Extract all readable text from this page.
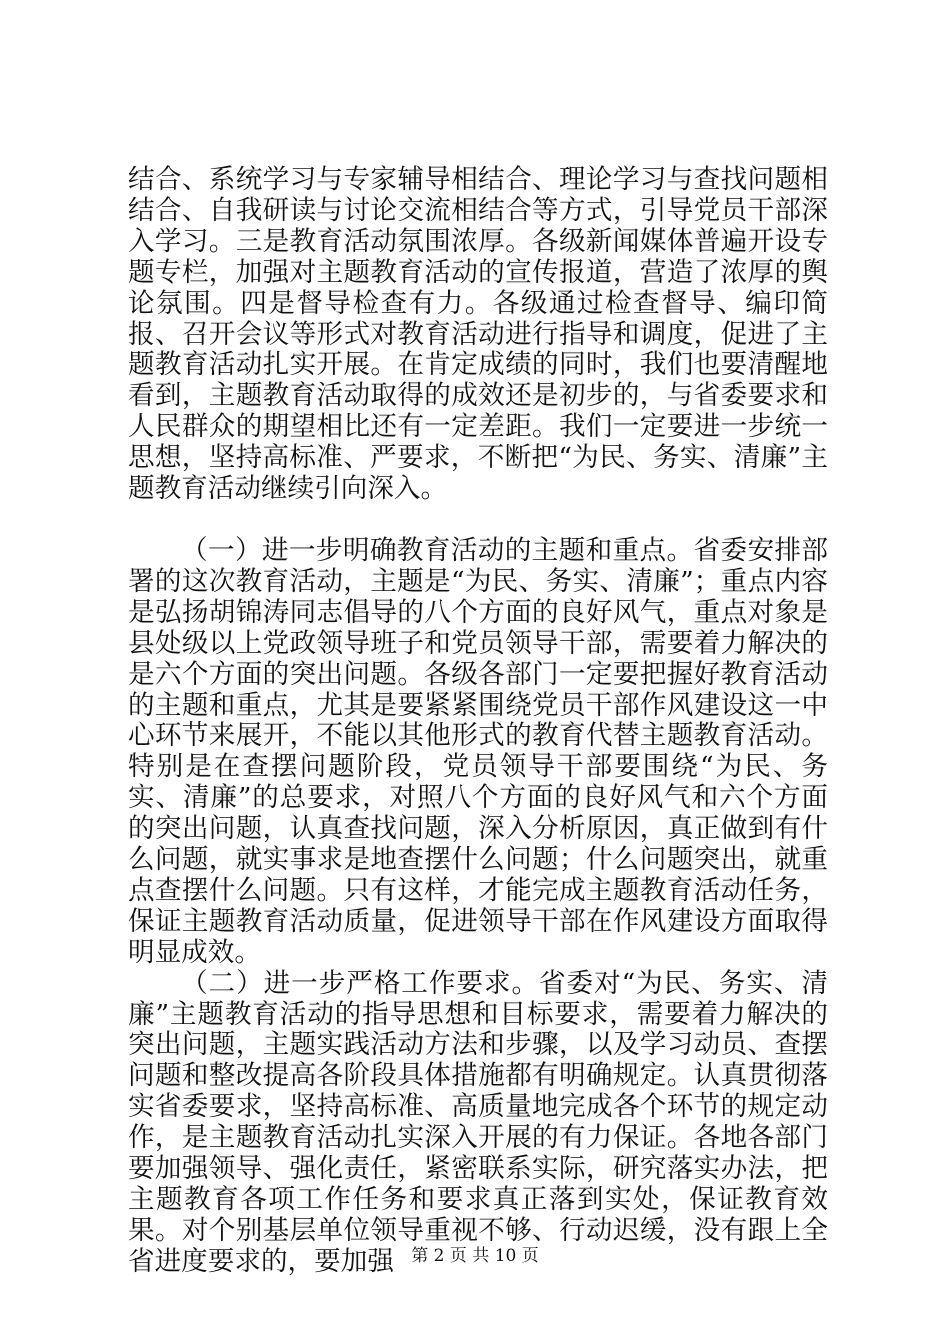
结合、系统学习与专家辅导相结合、理论学习与查找问题相结合、自我研读与讨论交流相结合等方式，引导党员干部深入学习。三是教育活动氛围浓厚。各级新闻媒体普遍开设专题专栏，加强对主题教育活动的宣传报道，营造了浓厚的舆论氛围。四是督导检查有力。各级通过检查督导、编印简报、召开会议等形式对教育活动进行指导和调度，促进了主题教育活动扎实开展。在肯定成绩的同时，我们也要清醒地看到，主题教育活动取得的成效还是初步的，与省委要求和人民群众的期望相比还有一定差距。我们一定要进一步统一思想，坚持高标准、严要求，不断把“为民、务实、清廉”主题教育活动继续引向深入。

（一）进一步明确教育活动的主题和重点。省委安排部署的这次教育活动，主题是“为民、务实、清廉”；重点内容是弘扬胡锦涛同志倡导的八个方面的良好风气，重点对象是县处级以上党政领导班子和党员领导干部，需要着力解决的是六个方面的突出问题。各级各部门一定要把握好教育活动的主题和重点，尤其是要紧紧围绕党员干部作风建设这一中心环节来展开，不能以其他形式的教育代替主题教育活动。特别是在查摆问题阶段，党员领导干部要围绕“为民、务实、清廉”的总要求，对照八个方面的良好风气和六个方面的突出问题，认真查找问题，深入分析原因，真正做到有什么问题，就实事求是地查摆什么问题；什么问题突出，就重点查摆什么问题。只有这样，才能完成主题教育活动任务，保证主题教育活动质量，促进领导干部在作风建设方面取得明显成效。

（二）进一步严格工作要求。省委对“为民、务实、清廉”主题教育活动的指导思想和目标要求，需要着力解决的突出问题，主题实践活动方法和步骤，以及学习动员、查摆问题和整改提高各阶段具体措施都有明确规定。认真贯彻落实省委要求，坚持高标准、高质量地完成各个环节的规定动作，是主题教育活动扎实深入开展的有力保证。各地各部门要加强领导、强化责任，紧密联系实际，研究落实办法，把主题教育各项工作任务和要求真正落到实处，保证教育效果。对个别基层单位领导重视不够、行动迟缓，没有跟上全省进度要求的，要加强	第 2 页 共 10 页
